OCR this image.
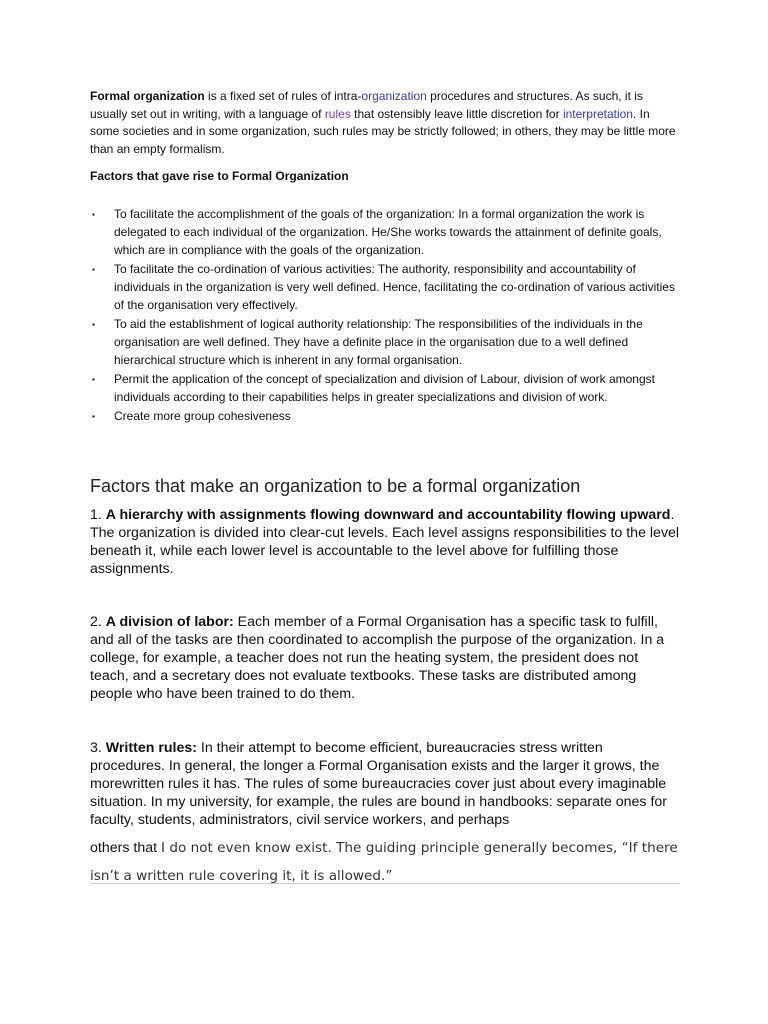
Formal organization is a fixed set of rules of intra-organization procedures and structures. As such, it is usually set out in writing, with a language of rules that ostensibly leave little discretion for interpretation. In some societies and in some organization, such rules may be strictly followed; in others, they may be little more than an empty formalism.

Factors that gave rise to Formal Organization

▪ To facilitate the accomplishment of the goals of the organization: In a formal organization the work is delegated to each individual of the organization. He/She works towards the attainment of definite goals, which are in compliance with the goals of the organization.
▪ To facilitate the co-ordination of various activities: The authority, responsibility and accountability of individuals in the organization is very well defined. Hence, facilitating the co-ordination of various activities of the organisation very effectively.
▪ To aid the establishment of logical authority relationship: The responsibilities of the individuals in the organisation are well defined. They have a definite place in the organisation due to a well defined hierarchical structure which is inherent in any formal organisation.
▪ Permit the application of the concept of specialization and division of Labour, division of work amongst individuals according to their capabilities helps in greater specializations and division of work.
▪ Create more group cohesiveness
Factors that make an organization to be a formal organization

1. A hierarchy with assignments flowing downward and accountability flowing upward. The organization is divided into clear-cut levels. Each level assigns responsibilities to the level beneath it, while each lower level is accountable to the level above for fulfilling those assignments.

2. A division of labor: Each member of a Formal Organisation has a specific task to fulfill, and all of the tasks are then coordinated to accomplish the purpose of the organization. In a college, for example, a teacher does not run the heating system, the president does not teach, and a secretary does not evaluate textbooks. These tasks are distributed among people who have been trained to do them.

3. Written rules: In their attempt to become efficient, bureaucracies stress written procedures. In general, the longer a Formal Organisation exists and the larger it grows, the morewritten rules it has. The rules of some bureaucracies cover just about every imaginable situation. In my university, for example, the rules are bound in handbooks: separate ones for faculty, students, administrators, civil service workers, and perhaps

others that I do not even know exist. The guiding principle generally becomes, “If there isn’t a written rule covering it, it is allowed.”
